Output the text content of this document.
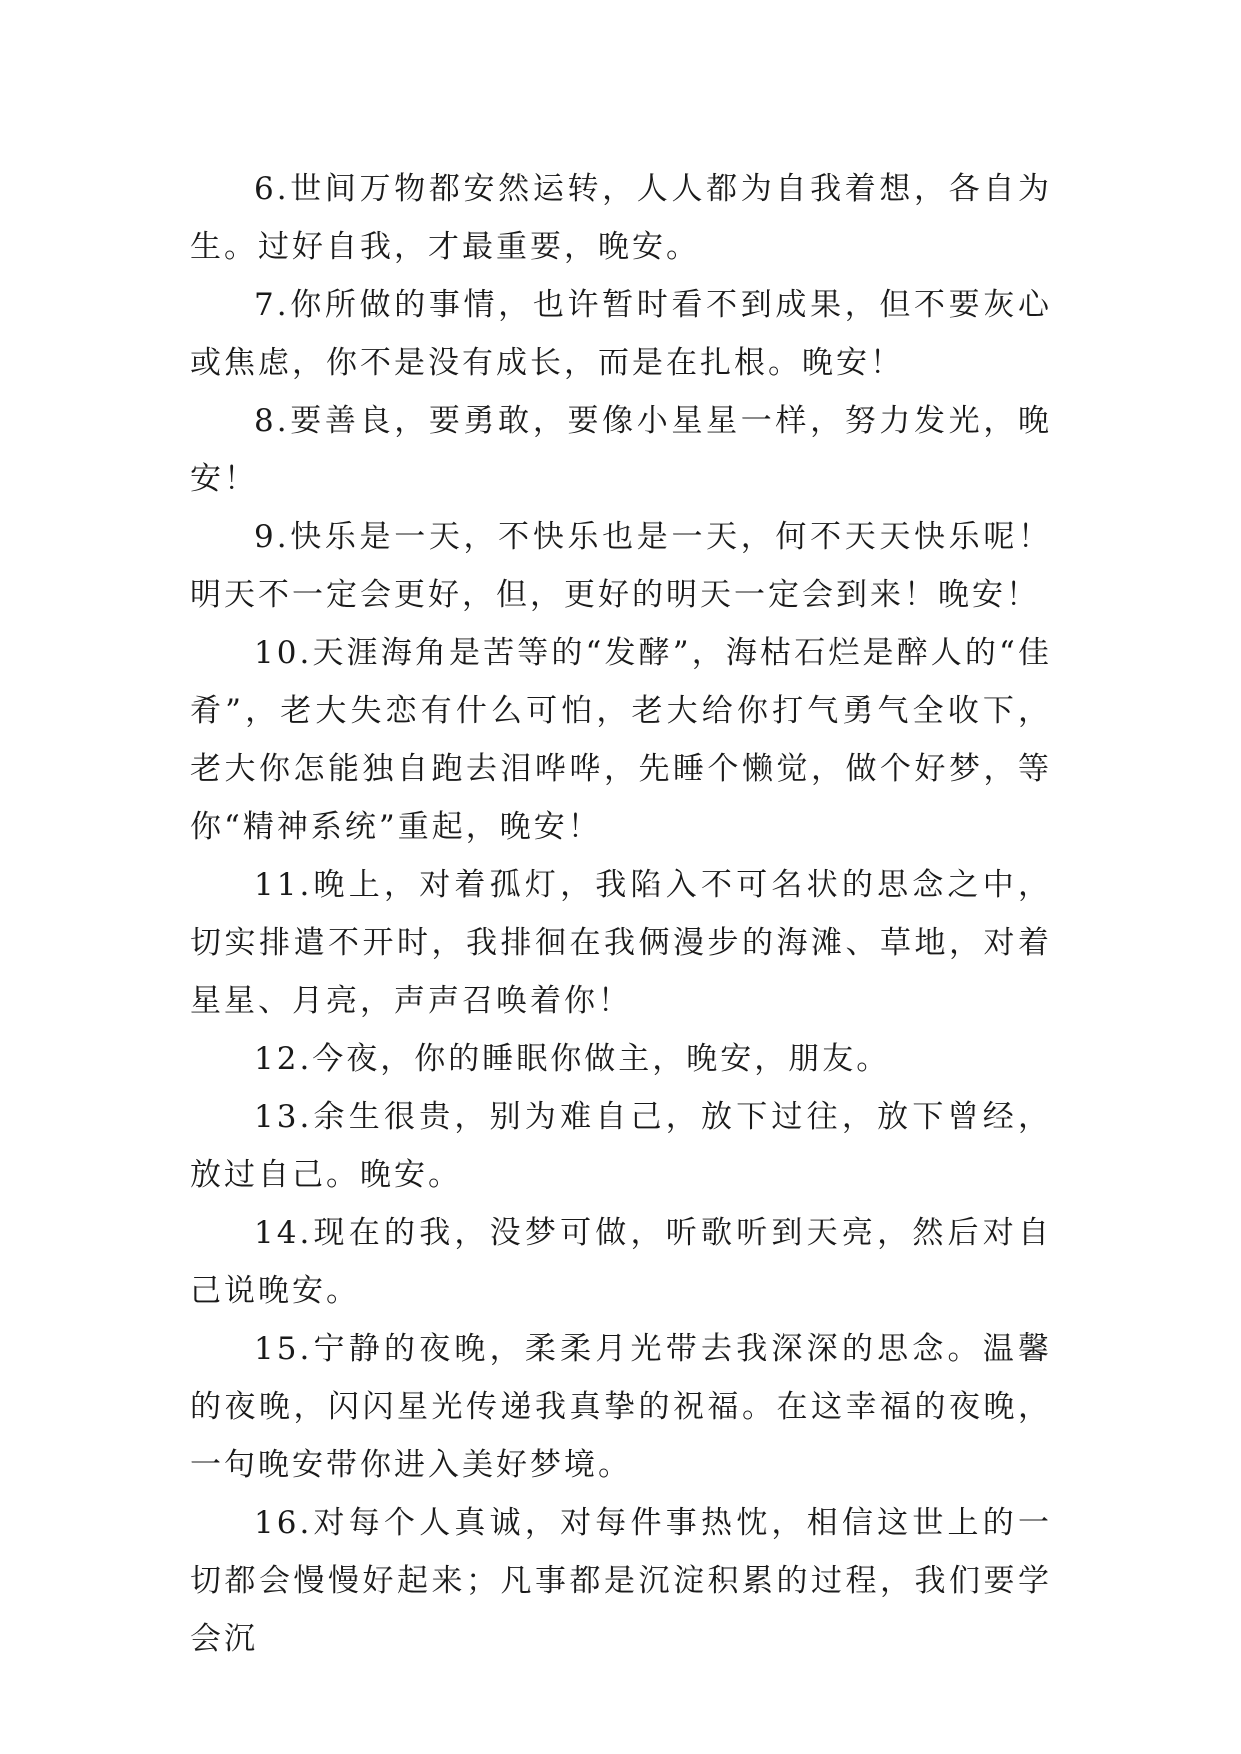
6.世间万物都安然运转，人人都为自我着想，各自为生。过好自我，才最重要，晚安。

7.你所做的事情，也许暂时看不到成果，但不要灰心或焦虑，你不是没有成长，而是在扎根。晚安！

8.要善良，要勇敢，要像小星星一样，努力发光，晚安！

9.快乐是一天，不快乐也是一天，何不天天快乐呢！明天不一定会更好，但，更好的明天一定会到来！晚安！

10.天涯海角是苦等的“发酵”，海枯石烂是醉人的“佳肴”，老大失恋有什么可怕，老大给你打气勇气全收下，老大你怎能独自跑去泪哗哗，先睡个懒觉，做个好梦，等你“精神系统”重起，晚安！

11.晚上，对着孤灯，我陷入不可名状的思念之中，切实排遣不开时，我排徊在我俩漫步的海滩、草地，对着星星、月亮，声声召唤着你！

12.今夜，你的睡眠你做主，晚安，朋友。

13.余生很贵，别为难自己，放下过往，放下曾经，放过自己。晚安。

14.现在的我，没梦可做，听歌听到天亮，然后对自己说晚安。

15.宁静的夜晚，柔柔月光带去我深深的思念。温馨的夜晚，闪闪星光传递我真挚的祝福。在这幸福的夜晚，一句晚安带你进入美好梦境。

16.对每个人真诚，对每件事热忱，相信这世上的一切都会慢慢好起来；凡事都是沉淀积累的过程，我们要学会沉
